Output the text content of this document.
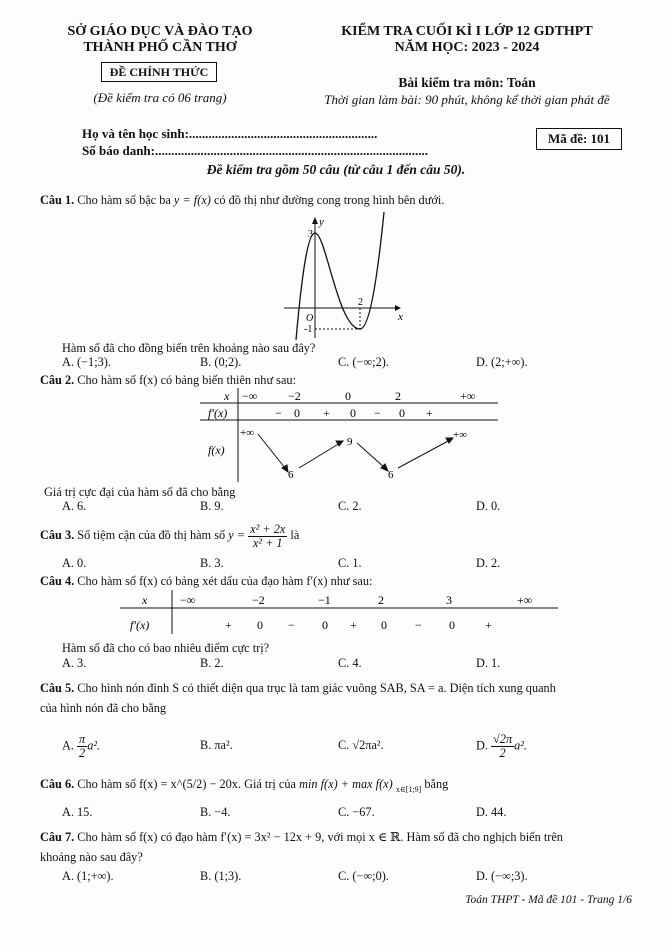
SỞ GIÁO DỤC VÀ ĐÀO TẠO
THÀNH PHỐ CẦN THƠ
ĐỀ CHÍNH THỨC
(Đề kiểm tra có 06 trang)
KIỂM TRA CUỐI KÌ I LỚP 12 GDTHPT
NĂM HỌC: 2023 - 2024
Bài kiểm tra môn: Toán
Thời gian làm bài: 90 phút, không kể thời gian phát đề
Họ và tên học sinh:..........................................................
Số báo danh:....................................................................................
Mã đề: 101
Đề kiểm tra gồm 50 câu (từ câu 1 đến câu 50).
Câu 1. Cho hàm số bậc ba y = f(x) có đồ thị như đường cong trong hình bên dưới.
y
x
O
3
2
-1
Hàm số đã cho đồng biến trên khoảng nào sau đây?
A. (−1;3).	B. (0;2).	C. (−∞;2).	D. (2;+∞).
Câu 2. Cho hàm số f(x) có bảng biến thiên như sau:
x
f′(x)
f(x)
−∞	−2	0	2	+∞
− 0 + 0 − 0 +
+∞
6
9
6
+∞
Giá trị cực đại của hàm số đã cho bằng
A. 6.	B. 9.	C. 2.	D. 0.
Câu 3. Số tiệm cận của đồ thị hàm số $y = \frac{\text{x² + 2x}}{\text{x² + 1}}$ là
A. 0.	B. 3.	C. 1.	D. 2.
Câu 4. Cho hàm số f(x) có bảng xét dấu của đạo hàm f′(x) như sau:
x
f′(x)
−∞	−2	−1	2	3	+∞
+ 0 − 0 + 0 − 0	+
Hàm số đã cho có bao nhiêu điểm cực trị?
A. 3.	B. 2.	C. 4.	D. 1.
Câu 5. Cho hình nón đỉnh S có thiết diện qua trục là tam giác vuông SAB, SA = a. Diện tích xung quanh
của hình nón đã cho bằng
A. $\frac{\pi}{2} a^2$.	B. πa².	C. √2πa².	D. $\frac{√2\pi}{2} a^2$.
Câu 6. Cho hàm số f(x) = x^(5/2) − 20x. Giá trị của min f(x) + max f(x) $_{x\in[1;9]}$ bằng
A. 15.	B. −4.	C. −67.	D. 44.
Câu 7. Cho hàm số f(x) có đạo hàm f′(x) = 3x² − 12x + 9, với mọi x ∈ ℝ. Hàm số đã cho nghịch biến trên
khoảng nào sau đây?
A. (1;+∞).	B. (1;3).	C. (−∞;0).	D. (−∞;3).
Toán THPT - Mã đề 101 - Trang 1/6
